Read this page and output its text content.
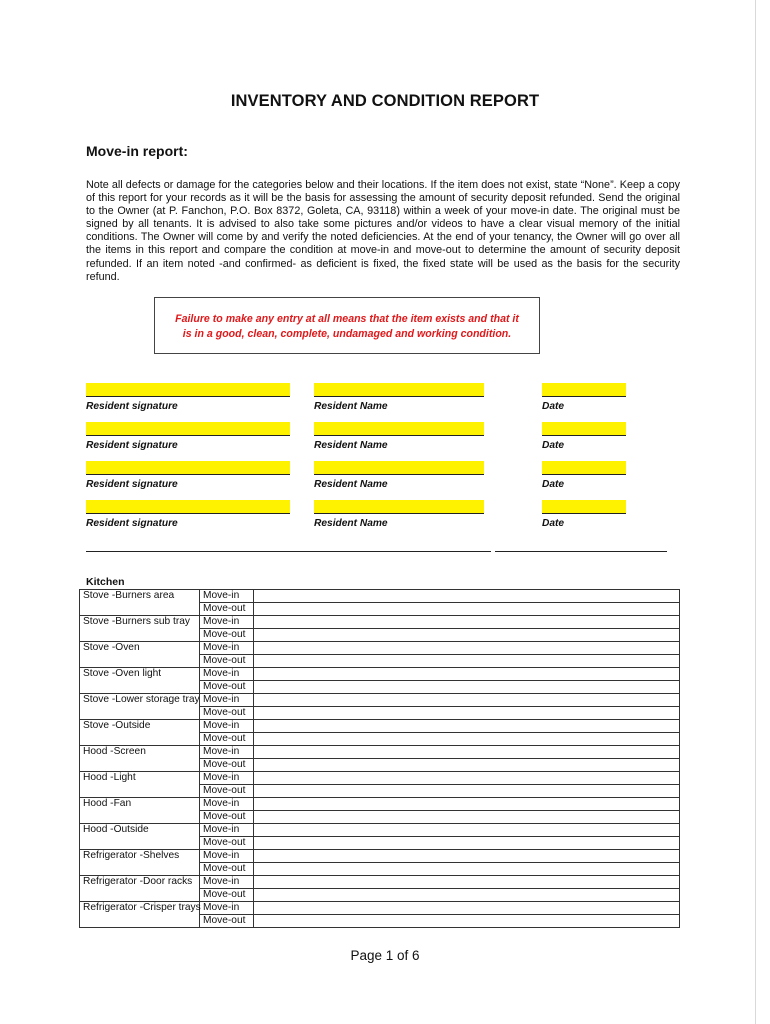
INVENTORY AND CONDITION REPORT
Move-in report:
Note all defects or damage for the categories below and their locations. If the item does not exist, state “None”. Keep a copy of this report for your records as it will be the basis for assessing the amount of security deposit refunded. Send the original to the Owner (at P. Fanchon, P.O. Box 8372, Goleta, CA, 93118) within a week of your move-in date. The original must be signed by all tenants. It is advised to also take some pictures and/or videos to have a clear visual memory of the initial conditions. The Owner will come by and verify the noted deficiencies. At the end of your tenancy, the Owner will go over all the items in this report and compare the condition at move-in and move-out to determine the amount of security deposit refunded. If an item noted -and confirmed- as deficient is fixed, the fixed state will be used as the basis for the security refund.
Failure to make any entry at all means that the item exists and that it
is in a good, clean, complete, undamaged and working condition.
Resident signature	Resident Name	Date
Resident signature	Resident Name	Date
Resident signature	Resident Name	Date
Resident signature	Resident Name	Date
Kitchen
Stove -Burners area	Move-in	
	Move-out	
Stove -Burners sub tray	Move-in	
	Move-out	
Stove -Oven	Move-in	
	Move-out	
Stove -Oven light	Move-in	
	Move-out	
Stove -Lower storage tray	Move-in	
	Move-out	
Stove -Outside	Move-in	
	Move-out	
Hood -Screen	Move-in	
	Move-out	
Hood -Light	Move-in	
	Move-out	
Hood -Fan	Move-in	
	Move-out	
Hood -Outside	Move-in	
	Move-out	
Refrigerator -Shelves	Move-in	
	Move-out	
Refrigerator -Door racks	Move-in	
	Move-out	
Refrigerator -Crisper trays	Move-in	
	Move-out	
Page 1 of 6
